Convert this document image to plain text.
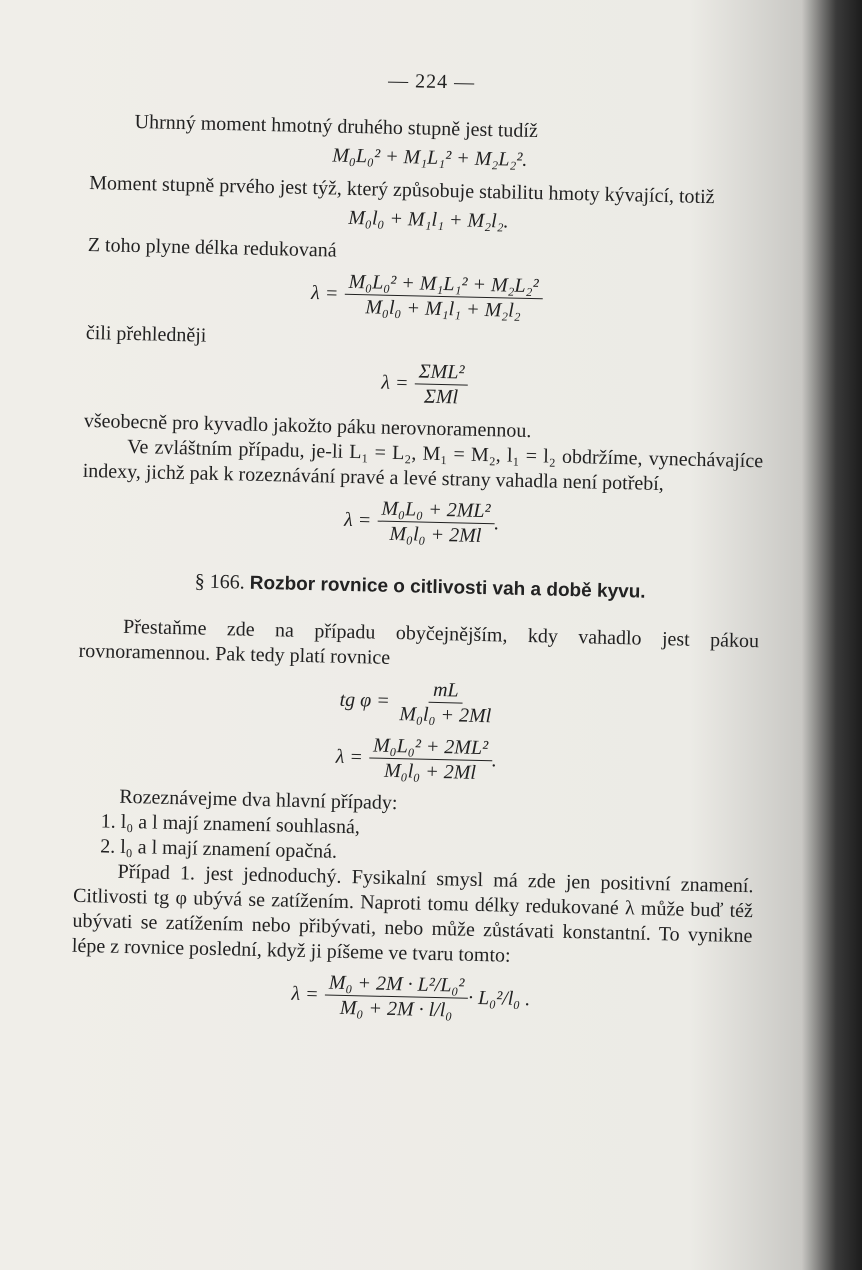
— 224 —

Uhrnný moment hmotný druhého stupně jest tudíž

M₀L₀² + M₁L₁² + M₂L₂².

Moment stupně prvého jest týž, který způsobuje stabilitu hmoty kývající, totiž

M₀l₀ + M₁l₁ + M₂l₂.

Z toho plyne délka redukovaná

$\lambda = \frac{\text{M₀L₀² + M₁L₁² + M₂L₂²}}{\text{M₀l₀ + M₁l₁ + M₂l₂}}$

čili přehledněji

$\lambda = \frac{\text{ΣML²}}{\text{ΣMl}}$

všeobecně pro kyvadlo jakožto páku nerovnoramennou.

Ve zvláštním případu, je-li L₁ = L₂, M₁ = M₂, l₁ = l₂ obdržíme, vynechávajíce indexy, jichž pak k rozeznávání pravé a levé strany vahadla není potřebí,

$\lambda = \frac{\text{M₀L₀ + 2ML²}}{\text{M₀l₀ + 2Ml}}$ .
§ 166. Rozbor rovnice o citlivosti vah a době kyvu.

Přestaňme zde na případu obyčejnějším, kdy vahadlo jest pákou rovnoramennou. Pak tedy platí rovnice

tg $\varphi = \frac{mL}{\text{M₀l₀ + 2Ml}}$
$\lambda = \frac{\text{M₀L₀² + 2ML²}}{\text{M₀l₀ + 2Ml}}$ .

Rozeznávejme dva hlavní případy:

1. l₀ a l mají znamení souhlasná,
2. l₀ a l mají znamení opačná.

Případ 1. jest jednoduchý. Fysikalní smysl má zde jen positivní znamení. Citlivosti tg φ ubývá se zatížením. Naproti tomu délky redukované λ může buď též ubývati se zatížením nebo přibývati, nebo může zůstávati konstantní. To vynikne lépe z rovnice poslední, když ji píšeme ve tvaru tomto:

$\lambda = \frac{\text{M₀ + 2M · L²/L₀²}}{\text{M₀ + 2M · l/l₀}} \cdot L_0^2/l_0$ .
